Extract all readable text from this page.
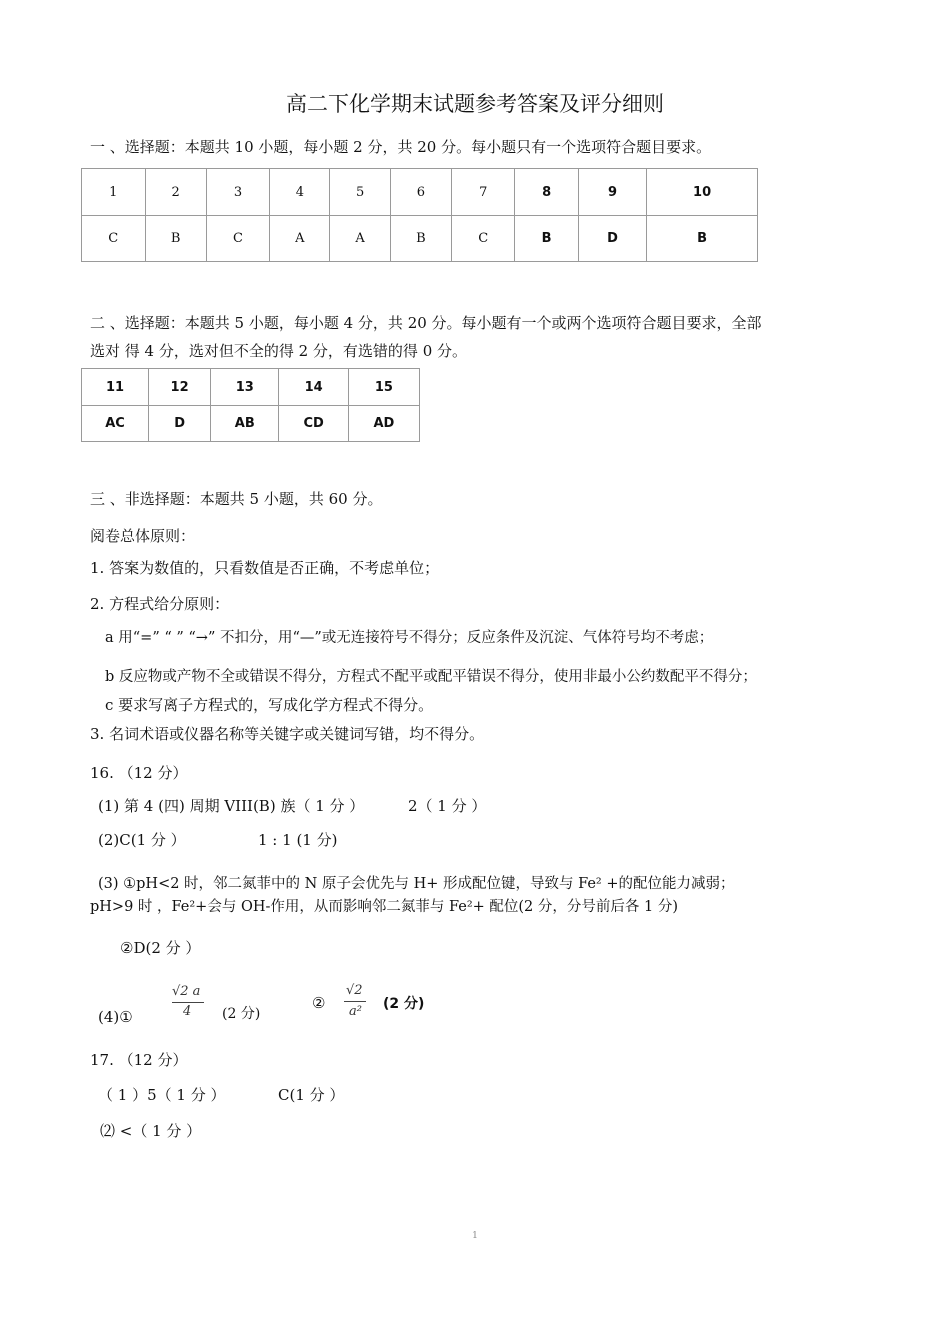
高二下化学期末试题参考答案及评分细则
一 、选择题：本题共 10 小题，每小题 2 分，共 20 分。每小题只有一个选项符合题目要求。
1	2	3	4	5	6	7	8	9	10
C	B	C	A	A	B	C	B	D	B
二 、选择题：本题共 5 小题，每小题 4 分，共 20 分。每小题有一个或两个选项符合题目要求，全部
选对 得 4 分，选对但不全的得 2 分，有选错的得 0 分。
11	12	13	14	15
AC	D	AB	CD	AD
三 、非选择题：本题共 5 小题，共 60 分。
阅卷总体原则：
1. 答案为数值的，只看数值是否正确，不考虑单位；
2. 方程式给分原则：
a 用“=” “ ” “→” 不扣分，用“—”或无连接符号不得分；反应条件及沉淀、气体符号均不考虑；
b 反应物或产物不全或错误不得分，方程式不配平或配平错误不得分，使用非最小公约数配平不得分；
c 要求写离子方程式的，写成化学方程式不得分。
3. 名词术语或仪器名称等关键字或关键词写错，均不得分。
16. （12 分）
(1) 第 4 (四) 周期 VIII(B) 族（ 1 分 ）	2（ 1 分 ）
(2)C(1 分 ）	1 : 1 (1 分)
(3) ①pH<2 时，邻二氮菲中的 N 原子会优先与 H+ 形成配位键，导致与 Fe² +的配位能力减弱；
pH>9 时 ，Fe²+会与 OH-作用，从而影响邻二氮菲与 Fe²+ 配位(2 分，分号前后各 1 分)
②D(2 分 ）
(4)①
√2 a
4 (2 分)
②
√2
a² (2 分)
17. （12 分）
（ 1 ）5（ 1 分 ）	C(1 分 ）
⑵ <（ 1 分 ）
1
